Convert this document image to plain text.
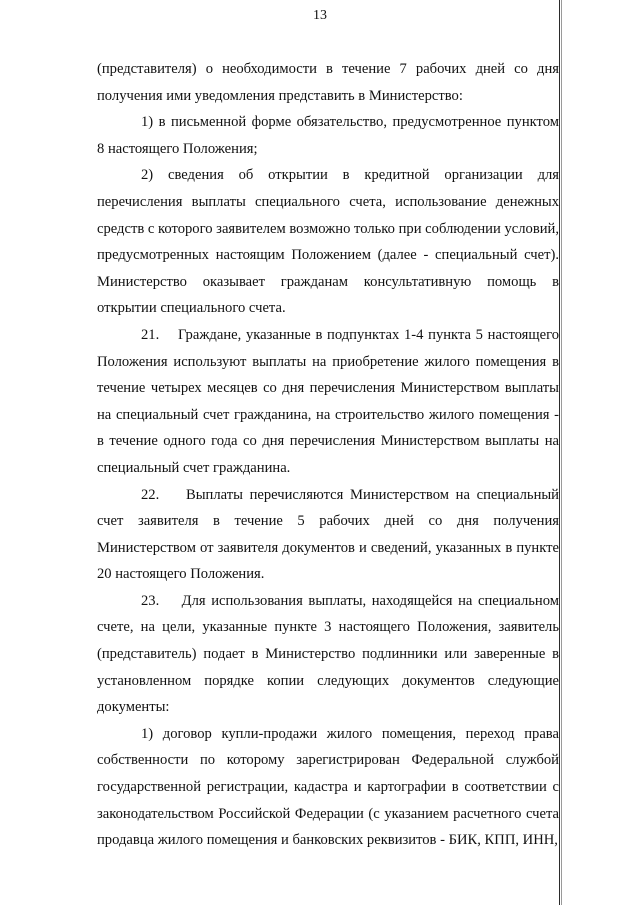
13

(представителя) о необходимости в течение 7 рабочих дней со дня получения ими уведомления представить в Министерство:

1) в письменной форме обязательство, предусмотренное пунктом 8 настоящего Положения;

2) сведения об открытии в кредитной организации для перечисления выплаты специального счета, использование денежных средств с которого заявителем возможно только при соблюдении условий, предусмотренных настоящим Положением (далее - специальный счет). Министерство оказывает гражданам консультативную помощь в открытии специального счета.

21.    Граждане, указанные в подпунктах 1-4 пункта 5 настоящего Положения используют выплаты на приобретение жилого помещения в течение четырех месяцев со дня перечисления Министерством выплаты на специальный счет гражданина, на строительство жилого помещения - в течение одного года со дня перечисления Министерством выплаты на специальный счет гражданина.

22.    Выплаты перечисляются Министерством на специальный счет заявителя в течение 5 рабочих дней со дня получения Министерством от заявителя документов и сведений, указанных в пункте 20 настоящего Положения.

23.    Для использования выплаты, находящейся на специальном счете, на цели, указанные пункте 3 настоящего Положения, заявитель (представитель) подает в Министерство подлинники или заверенные в установленном порядке копии следующих документов следующие документы:

1) договор купли-продажи жилого помещения, переход права собственности по которому зарегистрирован Федеральной службой государственной регистрации, кадастра и картографии в соответствии с законодательством Российской Федерации (с указанием расчетного счета продавца жилого помещения и банковских реквизитов - БИК, КПП, ИНН,
